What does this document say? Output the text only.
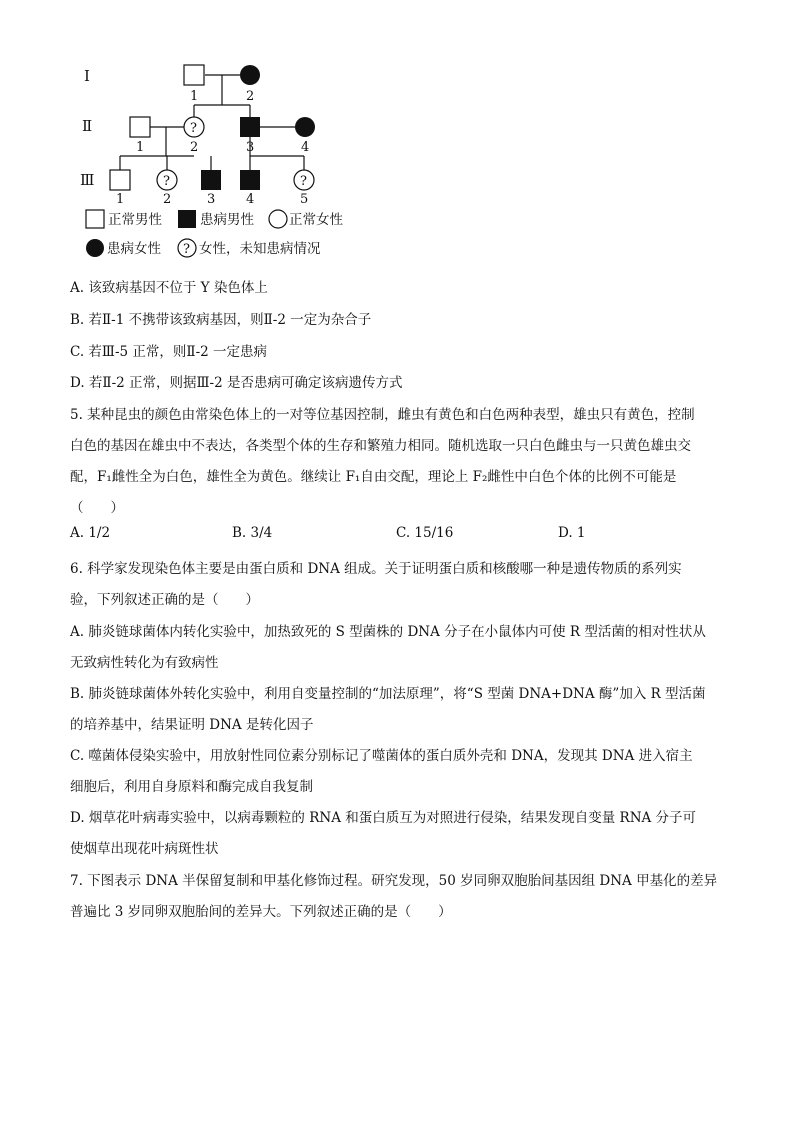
I
Ⅱ
Ⅲ
1	2
1
?
2	3	4
1
?
2	3 4
?
5
正常男性	患病男性	正常女性
患病女性 ? 女性，未知患病情况
A. 该致病基因不位于 Y 染色体上
B. 若Ⅱ-1 不携带该致病基因，则Ⅱ-2 一定为杂合子
C. 若Ⅲ-5 正常，则Ⅱ-2 一定患病
D. 若Ⅱ-2 正常，则据Ⅲ-2 是否患病可确定该病遗传方式
5. 某种昆虫的颜色由常染色体上的一对等位基因控制，雌虫有黄色和白色两种表型，雄虫只有黄色，控制
白色的基因在雄虫中不表达，各类型个体的生存和繁殖力相同。随机选取一只白色雌虫与一只黄色雄虫交
配，F₁雌性全为白色，雄性全为黄色。继续让 F₁自由交配，理论上 F₂雌性中白色个体的比例不可能是
（　　）
A. 1/2	B. 3/4	C. 15/16	D. 1
6. 科学家发现染色体主要是由蛋白质和 DNA 组成。关于证明蛋白质和核酸哪一种是遗传物质的系列实
验，下列叙述正确的是（　　）
A. 肺炎链球菌体内转化实验中，加热致死的 S 型菌株的 DNA 分子在小鼠体内可使 R 型活菌的相对性状从
无致病性转化为有致病性
B. 肺炎链球菌体外转化实验中，利用自变量控制的“加法原理”，将“S 型菌 DNA+DNA 酶”加入 R 型活菌
的培养基中，结果证明 DNA 是转化因子
C. 噬菌体侵染实验中，用放射性同位素分别标记了噬菌体的蛋白质外壳和 DNA，发现其 DNA 进入宿主
细胞后，利用自身原料和酶完成自我复制
D. 烟草花叶病毒实验中，以病毒颗粒的 RNA 和蛋白质互为对照进行侵染，结果发现自变量 RNA 分子可
使烟草出现花叶病斑性状
7. 下图表示 DNA 半保留复制和甲基化修饰过程。研究发现，50 岁同卵双胞胎间基因组 DNA 甲基化的差异
普遍比 3 岁同卵双胞胎间的差异大。下列叙述正确的是（　　）
